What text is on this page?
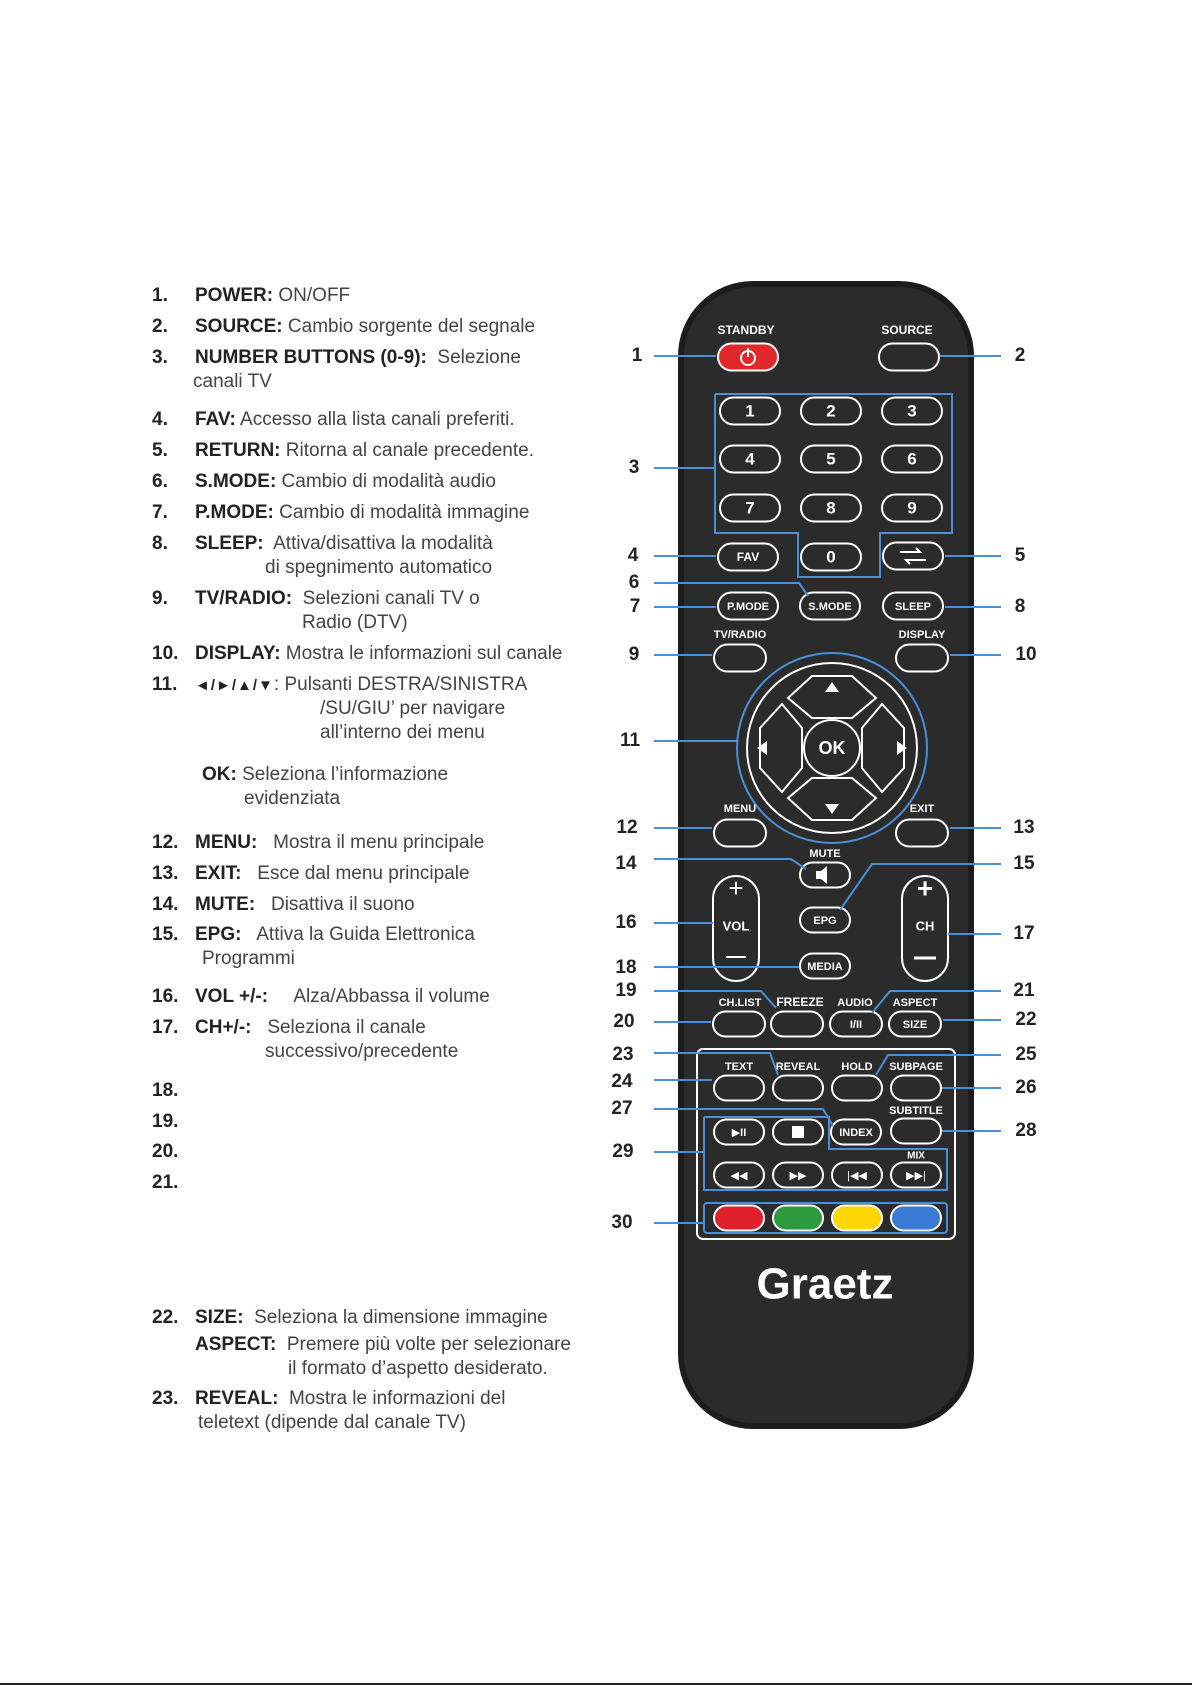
1. POWER: ON/OFF
2. SOURCE: Cambio sorgente del segnale
3. NUMBER BUTTONS (0-9):  Selezione
canali TV
4. FAV: Accesso alla lista canali preferiti.
5. RETURN: Ritorna al canale precedente.
6. S.MODE: Cambio di modalità audio
7. P.MODE: Cambio di modalità immagine
8. SLEEP:  Attiva/disattiva la modalità
di spegnimento automatico
9. TV/RADIO:  Selezioni canali TV o
Radio (DTV)
10. DISPLAY: Mostra le informazioni sul canale
11. ◄/►/▲/▼: Pulsanti DESTRA/SINISTRA
/SU/GIU’ per navigare
all’interno dei menu
OK: Seleziona l’informazione
evidenziata
12. MENU:   Mostra il menu principale
13. EXIT:   Esce dal menu principale
14. MUTE:   Disattiva il suono
15. EPG:   Attiva la Guida Elettronica
Programmi
16. VOL +/-:     Alza/Abbassa il volume
17. CH+/-:   Seleziona il canale
successivo/precedente
18.
19.
20.
21.
22. SIZE:  Seleziona la dimensione immagine
ASPECT:  Premere più volte per selezionare
il formato d’aspetto desiderato.
23. REVEAL:  Mostra le informazioni del
teletext (dipende dal canale TV)
STANDBY	SOURCE
1	2	3
4	5	6
7	8	9
0
FAV
P.MODE	S.MODE	SLEEP
TV/RADIO	DISPLAY
OK
MENU	EXIT
MUTE
+
VOL
+
CH
EPG
MEDIA
CH.LIST FREEZE AUDIO
I/II
ASPECT
SIZE
TEXT REVEAL HOLD SUBPAGE
SUBTITLE
INDEX
▶II
MIX
◀◀	▶▶	|◀◀	▶▶|
Graetz
1	2
3
4	5
7	8
9	10
11
12	13
16
17
20	22
29
30
6
14	15
18
19	21
23
24
25
26
27
28
